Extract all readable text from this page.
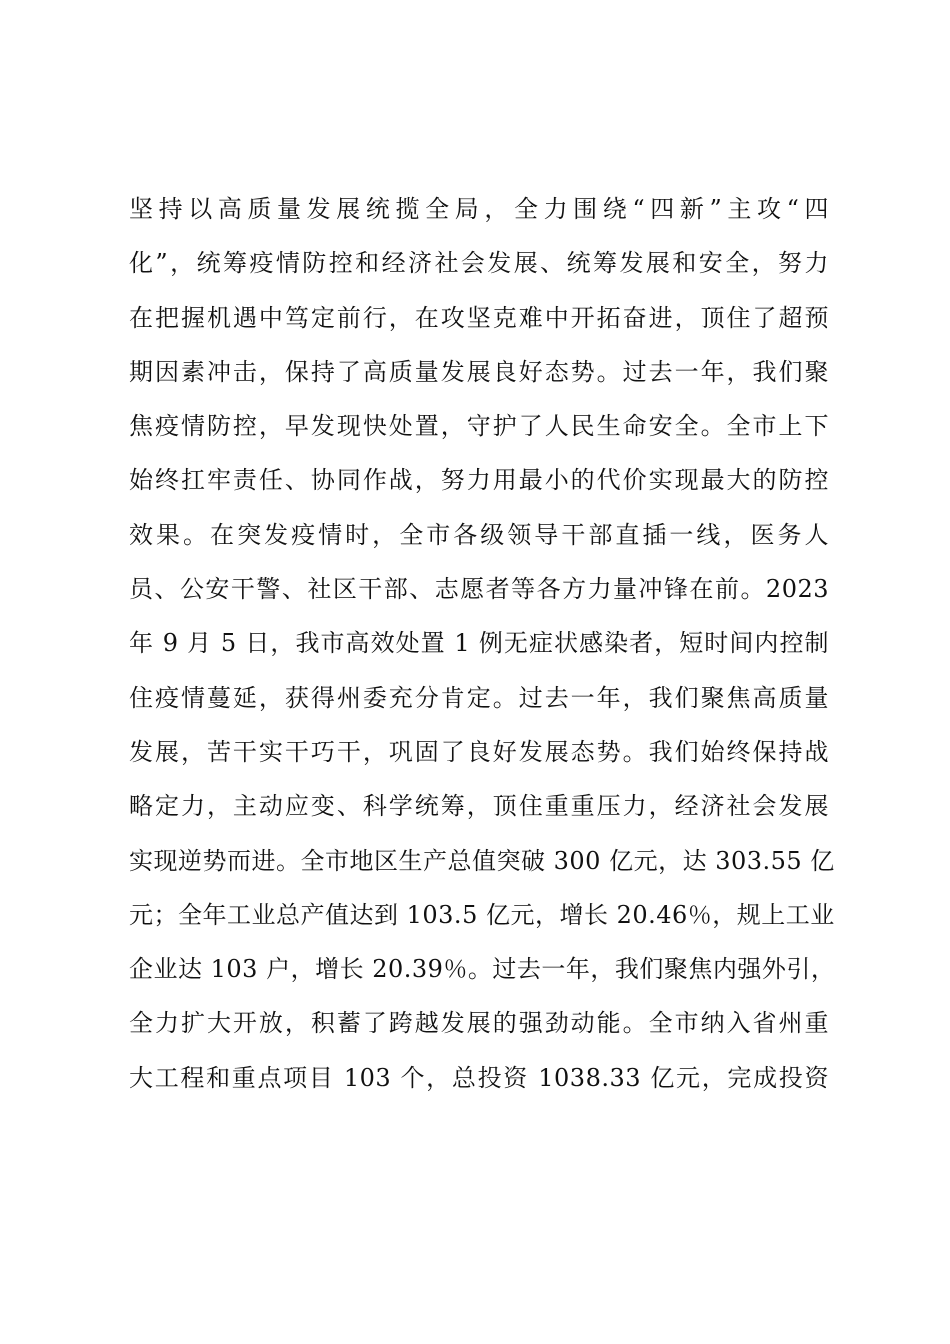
坚持以高质量发展统揽全局，全力围绕“四新”主攻“四
化”，统筹疫情防控和经济社会发展、统筹发展和安全，努力
在把握机遇中笃定前行，在攻坚克难中开拓奋进，顶住了超预
期因素冲击，保持了高质量发展良好态势。过去一年，我们聚
焦疫情防控，早发现快处置，守护了人民生命安全。全市上下
始终扛牢责任、协同作战，努力用最小的代价实现最大的防控
效果。在突发疫情时，全市各级领导干部直插一线，医务人
员、公安干警、社区干部、志愿者等各方力量冲锋在前。2023
年 9 月 5 日，我市高效处置 1 例无症状感染者，短时间内控制
住疫情蔓延，获得州委充分肯定。过去一年，我们聚焦高质量
发展，苦干实干巧干，巩固了良好发展态势。我们始终保持战
略定力，主动应变、科学统筹，顶住重重压力，经济社会发展
实现逆势而进。全市地区生产总值突破 300 亿元，达 303.55 亿
元；全年工业总产值达到 103.5 亿元，增长 20.46％，规上工业
企业达 103 户，增长 20.39％。过去一年，我们聚焦内强外引，
全力扩大开放，积蓄了跨越发展的强劲动能。全市纳入省州重
大工程和重点项目 103 个，总投资 1038.33 亿元，完成投资
